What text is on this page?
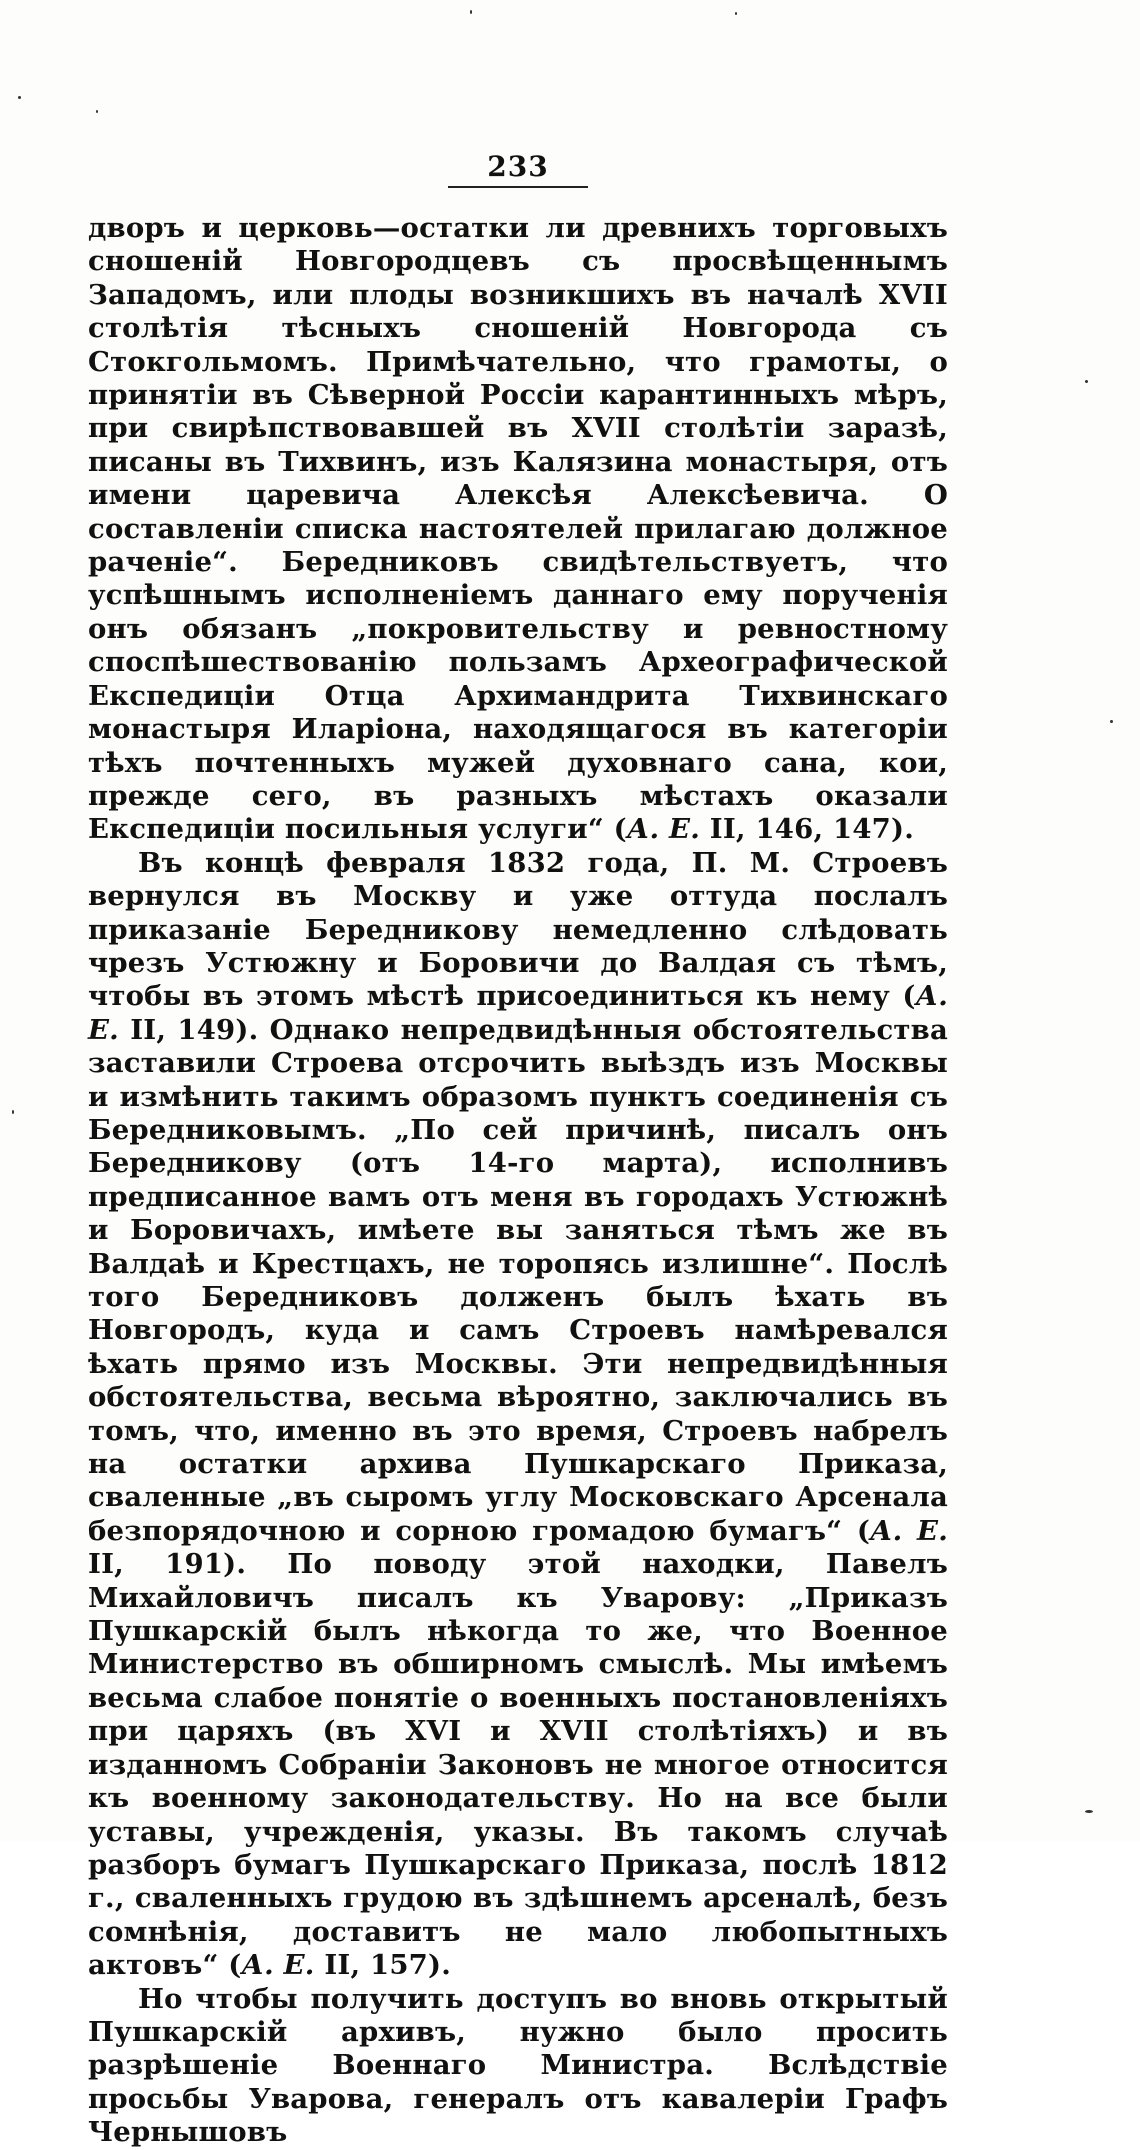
233

дворъ и церковь—остатки ли древнихъ торговыхъ сношеній Новгородцевъ съ просвѣщеннымъ Западомъ, или плоды возникшихъ въ началѣ XVII столѣтія тѣсныхъ сношеній Новгорода съ Стокгольмомъ. Примѣчательно, что грамоты, о принятіи въ Сѣверной Россіи карантинныхъ мѣръ, при свирѣпствовавшей въ XVII столѣтіи заразѣ, писаны въ Тихвинъ, изъ Калязина монастыря, отъ имени царевича Алексѣя Алексѣевича. О составленіи списка настоятелей прилагаю должное раченіе“. Бередниковъ свидѣтельствуетъ, что успѣшнымъ исполненіемъ даннаго ему порученія онъ обязанъ „покровительству и ревностному споспѣшествованію пользамъ Археографической Експедиціи Отца Архимандрита Тихвинскаго монастыря Иларіона, находящагося въ категоріи тѣхъ почтенныхъ мужей духовнаго сана, кои, прежде сего, въ разныхъ мѣстахъ оказали Експедиціи посильныя услуги“ (А. Е. II, 146, 147).

Въ концѣ февраля 1832 года, П. М. Строевъ вернулся въ Москву и уже оттуда послалъ приказаніе Бередникову немедленно слѣдовать чрезъ Устюжну и Боровичи до Валдая съ тѣмъ, чтобы въ этомъ мѣстѣ присоединиться къ нему (А. Е. II, 149). Однако непредвидѣнныя обстоятельства заставили Строева отсрочить выѣздъ изъ Москвы и измѣнить такимъ образомъ пунктъ соединенія съ Бередниковымъ. „По сей причинѣ, писалъ онъ Бередникову (отъ 14-го марта), исполнивъ предписанное вамъ отъ меня въ городахъ Устюжнѣ и Боровичахъ, имѣете вы заняться тѣмъ же въ Валдаѣ и Крестцахъ, не торопясь излишне“. Послѣ того Бередниковъ долженъ былъ ѣхать въ Новгородъ, куда и самъ Строевъ намѣревался ѣхать прямо изъ Москвы. Эти непредвидѣнныя обстоятельства, весьма вѣроятно, заключались въ томъ, что, именно въ это время, Строевъ набрелъ на остатки архива Пушкарскаго Приказа, сваленные „въ сыромъ углу Московскаго Арсенала безпорядочною и сорною громадою бумагъ“ (А. Е. II, 191). По поводу этой находки, Павелъ Михайловичъ писалъ къ Уварову: „Приказъ Пушкарскій былъ нѣкогда то же, что Военное Министерство въ обширномъ смыслѣ. Мы имѣемъ весьма слабое понятіе о военныхъ постановленіяхъ при царяхъ (въ XVI и XVII столѣтіяхъ) и въ изданномъ Собраніи Законовъ не многое относится къ военному законодательству. Но на все были уставы, учрежденія, указы. Въ такомъ случаѣ разборъ бумагъ Пушкарскаго Приказа, послѣ 1812 г., сваленныхъ грудою въ здѣшнемъ арсеналѣ, безъ сомнѣнія, доставитъ не мало любопытныхъ актовъ“ (А. Е. II, 157).

Но чтобы получить доступъ во вновь открытый Пушкарскій архивъ, нужно было просить разрѣшеніе Военнаго Министра. Вслѣдствіе просьбы Уварова, генералъ отъ кавалеріи Графъ Чернышовъ
